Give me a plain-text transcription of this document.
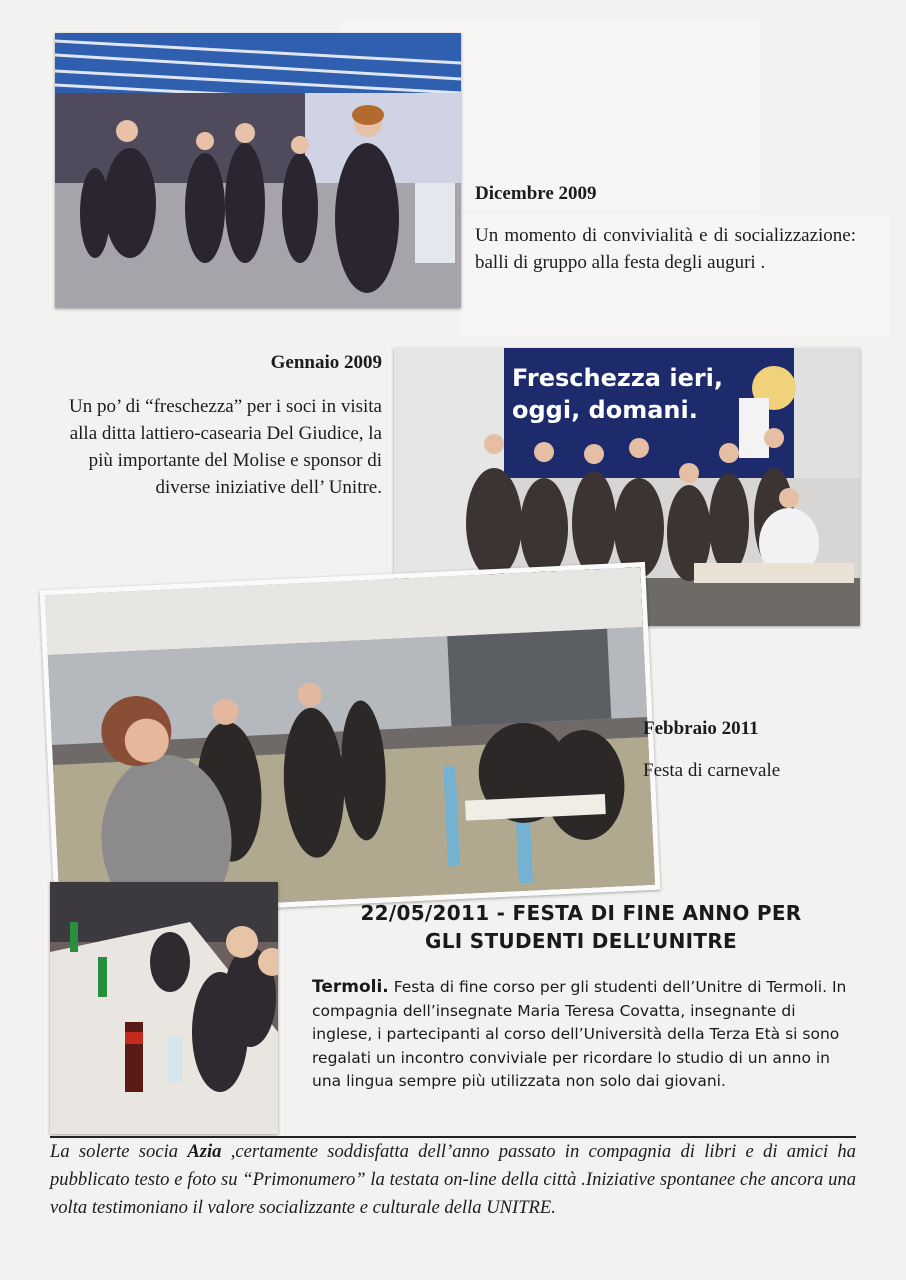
Dicembre 2009
Un momento di convivialità e di socializzazione: balli di gruppo alla festa degli auguri .
Freschezza ieri,
oggi, domani.
Gennaio 2009
Un po’ di “freschezza” per i soci in visita alla ditta lattiero-casearia Del Giudice, la più importante del Molise e sponsor di diverse iniziative dell’ Unitre.
Febbraio 2011
Festa di carnevale
22/05/2011 - FESTA DI FINE ANNO PER
GLI STUDENTI DELL’UNITRE
Termoli. Festa di fine corso per gli studenti dell’Unitre di Termoli. In compagnia dell’insegnate Maria Teresa Covatta, insegnante di inglese, i partecipanti al corso dell’Università della Terza Età si sono regalati un incontro conviviale per ricordare lo studio di un anno in una lingua sempre più utilizzata non solo dai giovani.
La solerte socia Azia ,certamente soddisfatta dell’anno passato in compagnia di libri e di amici ha pubblicato testo e foto su “Primonumero” la testata on-line della città .Iniziative spontanee che ancora una volta testimoniano il valore socializzante e culturale della UNITRE.
